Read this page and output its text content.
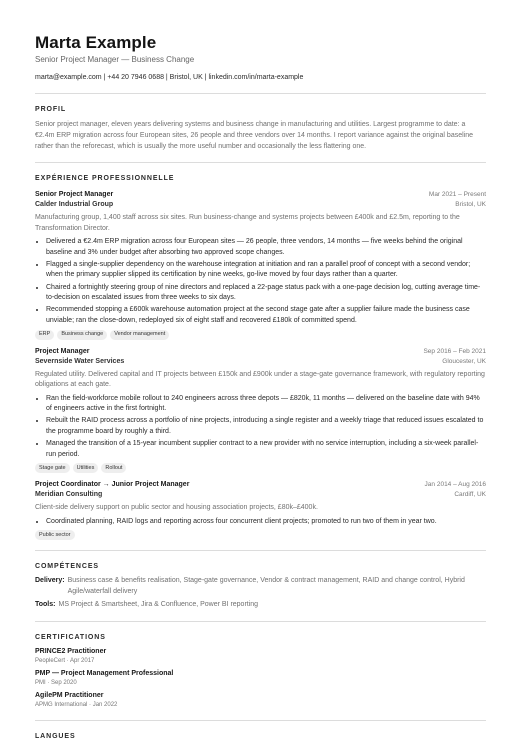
Marta Example
Senior Project Manager — Business Change
marta@example.com | +44 20 7946 0688 | Bristol, UK | linkedin.com/in/marta-example
PROFIL
Senior project manager, eleven years delivering systems and business change in manufacturing and utilities. Largest programme to date: a €2.4m ERP migration across four European sites, 26 people and three vendors over 14 months. I report variance against the original baseline rather than the reforecast, which is usually the more useful number and occasionally the less flattering one.
EXPÉRIENCE PROFESSIONNELLE
Senior Project Manager	Mar 2021 – Present
Calder Industrial Group	Bristol, UK
Manufacturing group, 1,400 staff across six sites. Run business-change and systems projects between £400k and £2.5m, reporting to the Transformation Director.
• Delivered a €2.4m ERP migration across four European sites — 26 people, three vendors, 14 months — five weeks behind the original baseline and 3% under budget after absorbing two approved scope changes.
• Flagged a single-supplier dependency on the warehouse integration at initiation and ran a parallel proof of concept with a second vendor; when the primary supplier slipped its certification by nine weeks, go-live moved by four days rather than a quarter.
• Chaired a fortnightly steering group of nine directors and replaced a 22-page status pack with a one-page decision log, cutting average time-to-decision on escalated issues from three weeks to six days.
• Recommended stopping a £600k warehouse automation project at the second stage gate after a supplier failure made the business case unviable; ran the close-down, redeployed six of eight staff and recovered £180k of committed spend.
ERP	Business change	Vendor management
Project Manager	Sep 2016 – Feb 2021
Severnside Water Services	Gloucester, UK
Regulated utility. Delivered capital and IT projects between £150k and £900k under a stage-gate governance framework, with regulatory reporting obligations at each gate.
• Ran the field-workforce mobile rollout to 240 engineers across three depots — £820k, 11 months — delivered on the baseline date with 94% of engineers active in the first fortnight.
• Rebuilt the RAID process across a portfolio of nine projects, introducing a single register and a weekly triage that reduced issues escalated to the programme board by roughly a third.
• Managed the transition of a 15-year incumbent supplier contract to a new provider with no service interruption, including a six-week parallel-run period.
Stage gate	Utilities	Rollout
Project Coordinator → Junior Project Manager	Jan 2014 – Aug 2016
Meridian Consulting	Cardiff, UK
Client-side delivery support on public sector and housing association projects, £80k–£400k.
• Coordinated planning, RAID logs and reporting across four concurrent client projects; promoted to run two of them in year two.
Public sector
COMPÉTENCES
Delivery: Business case & benefits realisation, Stage-gate governance, Vendor & contract management, RAID and change control, Hybrid Agile/waterfall delivery
Tools: MS Project & Smartsheet, Jira & Confluence, Power BI reporting
CERTIFICATIONS
PRINCE2 Practitioner
PeopleCert · Apr 2017
PMP — Project Management Professional
PMI · Sep 2020
AgilePM Practitioner
APMG International · Jan 2022
LANGUES
